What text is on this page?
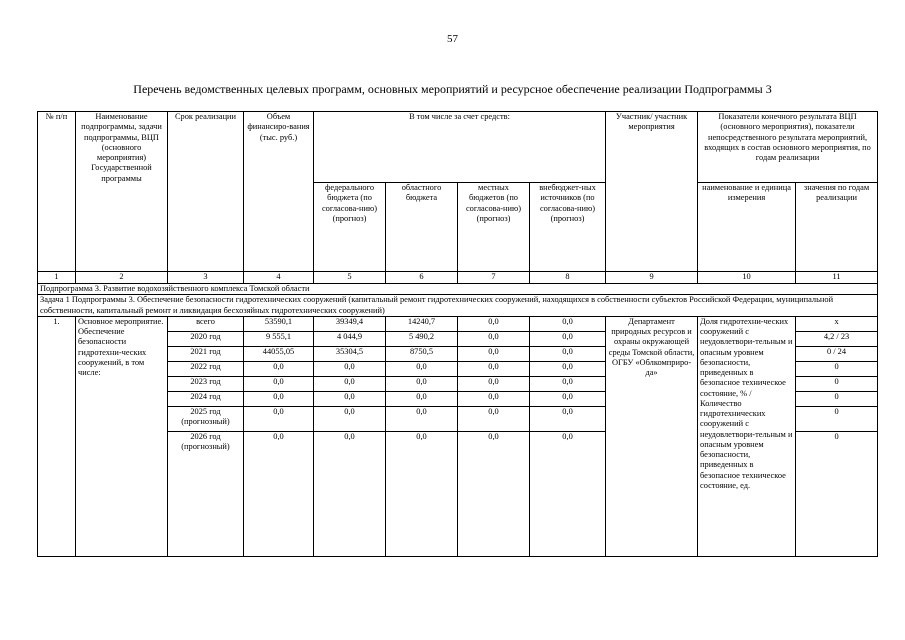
57
Перечень ведомственных целевых программ, основных мероприятий и ресурсное обеспечение реализации Подпрограммы 3
№ п/п	Наименование подпрограммы, задачи подпрограммы, ВЦП (основного мероприятия) Государственной программы	Срок реализации	Объем финансиро-вания (тыс. руб.)	В том числе за счет средств:				Участник/ участник мероприятия	Показатели конечного результата ВЦП (основного мероприятия), показатели непосредственного результата мероприятий, входящих в состав основного мероприятия, по годам реализации	
				федерального бюджета (по согласова-нию) (прогноз)	областного бюджета	местных бюджетов (по согласова-нию) (прогноз)	внебюджет-ных источников (по согласова-нию) (прогноз)		наименование и единица измерения	значения по годам реализации
1	2	3	4	5	6	7	8	9	10	11
Подпрограмма 3. Развитие водохозяйственного комплекса Томской области										
Задача 1 Подпрограммы 3. Обеспечение безопасности гидротехнических сооружений (капитальный ремонт гидротехнических сооружений, находящихся в собственности субъектов Российской Федерации, муниципальной собственности, капитальный ремонт и ликвидация бесхозяйных гидротехнических сооружений)										
1.	Основное мероприятие. Обеспечение безопасности гидротехни-ческих сооружений, в том числе:	всего	53590,1	39349,4	14240,7	0,0	0,0	Департамент природных ресурсов и охраны окружающей среды Томской области, ОГБУ «Облкомприро-да»	Доля гидротехни-ческих сооружений с неудовлетвори-тельным и опасным уровнем безопасности, приведенных в безопасное техническое состояние, % / Количество гидротехнических сооружений с неудовлетвори-тельным и опасным уровнем безопасности, приведенных в безопасное техническое состояние, ед.	х
		2020 год	9 555,1	4 044,9	5 490,2	0,0	0,0			4,2 / 23
		2021 год	44055,05	35304,5	8750,5	0,0	0,0			0 / 24
		2022 год	0,0	0,0	0,0	0,0	0,0			0
		2023 год	0,0	0,0	0,0	0,0	0,0			0
		2024 год	0,0	0,0	0,0	0,0	0,0			0
		2025 год (прогнозный)	0,0	0,0	0,0	0,0	0,0			0
		2026 год (прогнозный)	0,0	0,0	0,0	0,0	0,0			0
